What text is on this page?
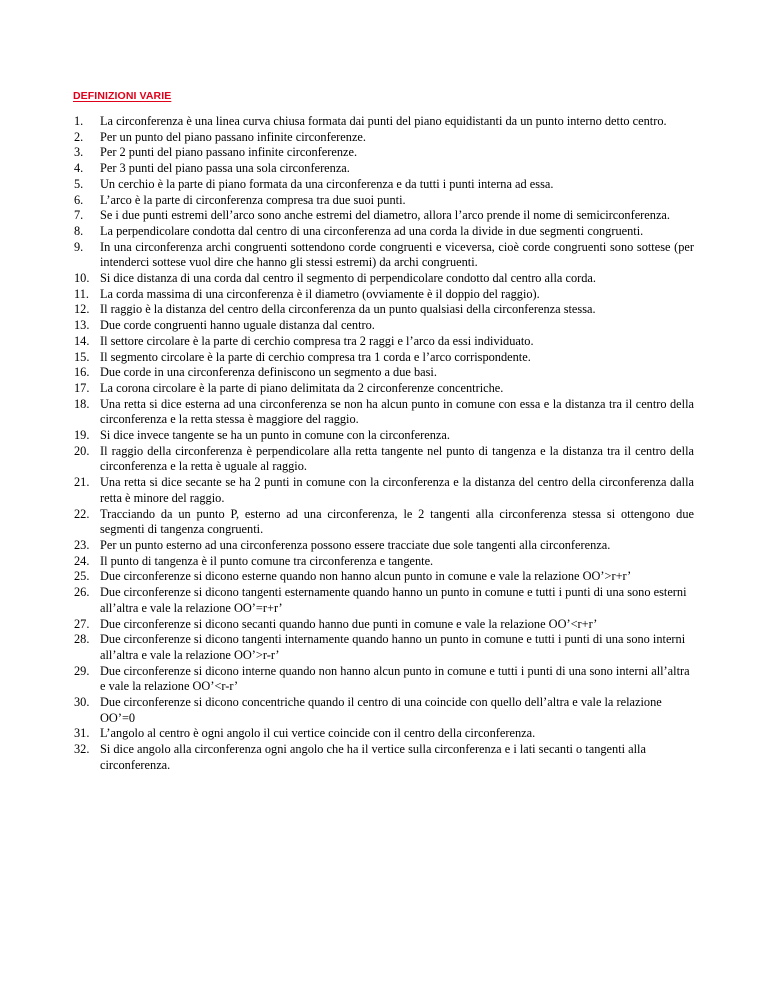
DEFINIZIONI VARIE
1.	La circonferenza è una linea curva chiusa formata dai punti del piano equidistanti da un punto interno detto centro.
2.	Per un punto del piano passano infinite circonferenze.
3.	Per 2 punti del piano passano infinite circonferenze.
4.	Per 3 punti del piano passa una sola circonferenza.
5.	Un cerchio è la parte di piano formata da una circonferenza e da tutti i punti interna ad essa.
6.	L’arco è la parte di circonferenza compresa tra due suoi punti.
7.	Se i due punti estremi dell’arco sono anche estremi del diametro, allora l’arco prende il nome di semicirconferenza.
8.	La perpendicolare condotta dal centro di una circonferenza ad una corda la divide in due segmenti congruenti.
9.	In una circonferenza archi congruenti sottendono corde congruenti e viceversa, cioè corde congruenti sono sottese (per intenderci sottese vuol dire che hanno gli stessi estremi) da archi congruenti.
10. Si dice distanza di una corda dal centro il segmento di perpendicolare condotto dal centro alla corda.
11. La corda massima di una circonferenza è il diametro (ovviamente è il doppio del raggio).
12. Il raggio è la distanza del centro della circonferenza da un punto qualsiasi della circonferenza stessa.
13. Due corde congruenti hanno uguale distanza dal centro.
14. Il settore circolare è la parte di cerchio compresa tra 2 raggi e l’arco da essi individuato.
15. Il segmento circolare è la parte di cerchio compresa tra 1 corda e l’arco corrispondente.
16. Due corde in una circonferenza definiscono un segmento a due basi.
17. La corona circolare è la parte di piano delimitata da 2 circonferenze concentriche.
18. Una retta si dice esterna ad una circonferenza se non ha alcun punto in comune con essa e la distanza tra il centro della circonferenza e la retta stessa è maggiore del raggio.
19. Si dice invece tangente se ha un punto in comune con la circonferenza.
20. Il raggio della circonferenza è perpendicolare alla retta tangente nel punto di tangenza e la distanza tra il centro della circonferenza e la retta è uguale al raggio.
21. Una retta si dice secante se ha 2 punti in comune con la circonferenza e la distanza del centro della circonferenza dalla retta è minore del raggio.
22. Tracciando da un punto P, esterno ad una circonferenza, le 2 tangenti alla circonferenza stessa si ottengono due segmenti di tangenza congruenti.
23. Per un punto esterno ad una circonferenza possono essere tracciate due sole tangenti alla circonferenza.
24. Il punto di tangenza è il punto comune tra circonferenza e tangente.
25. Due circonferenze si dicono esterne quando non hanno alcun punto in comune e vale la relazione OO’>r+r’
26. Due circonferenze si dicono tangenti esternamente quando hanno un punto in comune e tutti i punti di una sono esterni all’altra e vale la relazione OO’=r+r’
27. Due circonferenze si dicono secanti quando hanno due punti in comune e vale la relazione OO’<r+r’
28. Due circonferenze si dicono tangenti internamente quando hanno un punto in comune e tutti i punti di una sono interni all’altra e vale la relazione OO’>r-r’
29. Due circonferenze si dicono interne quando non hanno alcun punto in comune e tutti i punti di una sono interni all’altra e vale la relazione OO’<r-r’
30. Due circonferenze si dicono concentriche quando il centro di una coincide con quello dell’altra e vale la relazione OO’=0
31. L’angolo al centro è ogni angolo il cui vertice coincide con il centro della circonferenza.
32. Si dice angolo alla circonferenza ogni angolo che ha il vertice sulla circonferenza e i lati secanti o tangenti alla circonferenza.
